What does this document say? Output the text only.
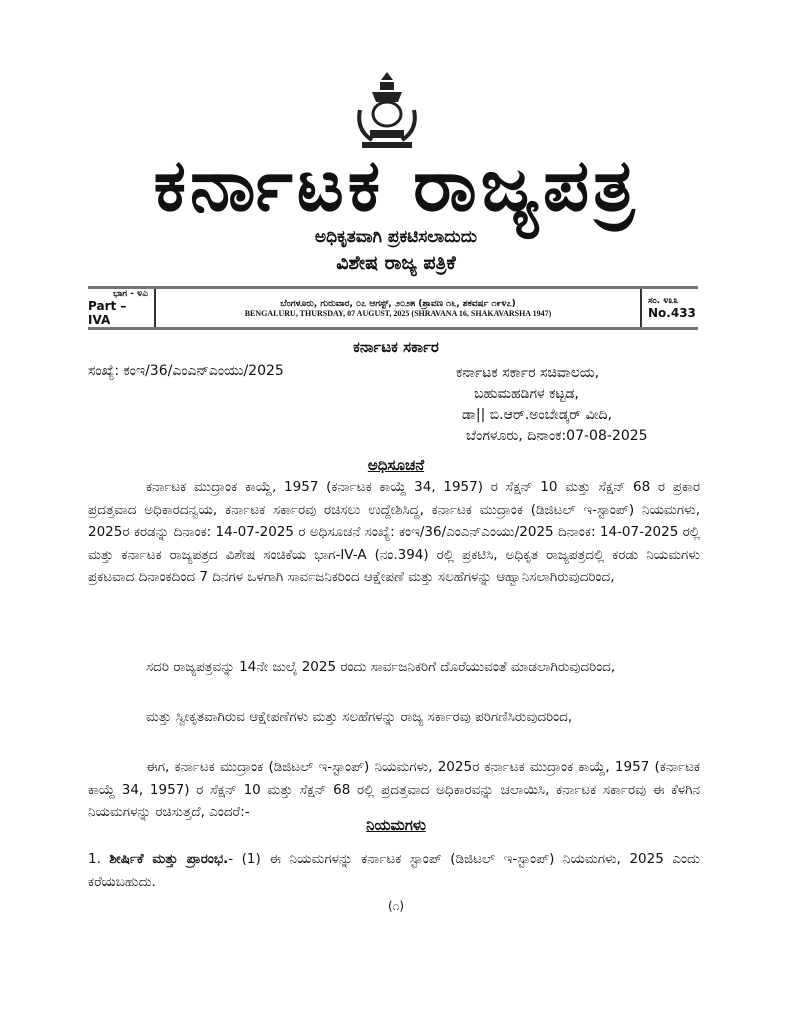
ಕರ್ನಾಟಕ ರಾಜ್ಯಪತ್ರ
ಅಧಿಕೃತವಾಗಿ ಪ್ರಕಟಿಸಲಾದುದು
ವಿಶೇಷ ರಾಜ್ಯ ಪತ್ರಿಕೆ
ಭಾಗ - ೪ಎ
Part – IVA
ಬೆಂಗಳೂರು, ಗುರುವಾರ, ೦೭ ಆಗಸ್ಟ್, ೨೦೨೫ (ಶ್ರಾವಣ ೧೬, ಶಕವರ್ಷ ೧೯೪೭)
BENGALURU, THURSDAY, 07 AUGUST, 2025 (SHRAVANA 16, SHAKAVARSHA 1947)
ಸಂ. ೪೩೩
No.433
ಕರ್ನಾಟಕ ಸರ್ಕಾರ
ಸಂಖ್ಯೆ: ಕಂಇ/36/ಎಂಎನ್‌ಎಂಯು/2025	ಕರ್ನಾಟಕ ಸರ್ಕಾರ ಸಚಿವಾಲಯ,
ಬಹುಮಹಡಿಗಳ ಕಟ್ಟಡ,
ಡಾ|| ಬಿ.ಆರ್.ಅಂಬೇಡ್ಕರ್ ವೀದಿ,
ಬೆಂಗಳೂರು, ದಿನಾಂಕ:07-08-2025
ಅಧಿಸೂಚನೆ
ಕರ್ನಾಟಕ ಮುದ್ರಾಂಕ ಕಾಯ್ದೆ, 1957 (ಕರ್ನಾಟಕ ಕಾಯ್ದೆ 34, 1957) ರ ಸೆಕ್ಷನ್ 10 ಮತ್ತು ಸೆಕ್ಷನ್ 68 ರ ಪ್ರಕಾರ ಪ್ರದತ್ತವಾದ ಅಧಿಕಾರದನ್ವಯ, ಕರ್ನಾಟಕ ಸರ್ಕಾರವು ರಚಿಸಲು ಉದ್ದೇಶಿಸಿದ್ದ, ಕರ್ನಾಟಕ ಮುದ್ರಾಂಕ (ಡಿಜಿಟಲ್ ಇ-ಸ್ಟಾಂಪ್) ನಿಯಮಗಳು, 2025ರ ಕರಡನ್ನು ದಿನಾಂಕ: 14-07-2025 ರ ಅಧಿಸೂಚನೆ ಸಂಖ್ಯೆ: ಕಂಇ/36/ಎಂಎನ್‌ಎಂಯು/2025 ದಿನಾಂಕ: 14-07-2025 ರಲ್ಲಿ ಮತ್ತು ಕರ್ನಾಟಕ ರಾಜ್ಯಪತ್ರದ ವಿಶೇಷ ಸಂಚಿಕೆಯ ಭಾಗ-IV-A (ನಂ.394) ರಲ್ಲಿ ಪ್ರಕಟಿಸಿ, ಅಧಿಕೃತ ರಾಜ್ಯಪತ್ರದಲ್ಲಿ ಕರಡು ನಿಯಮಗಳು ಪ್ರಕಟವಾದ ದಿನಾಂಕದಿಂದ 7 ದಿನಗಳ ಒಳಗಾಗಿ ಸಾರ್ವಜನಿಕರಿಂದ ಆಕ್ಷೇಪಣೆ ಮತ್ತು ಸಲಹೆಗಳನ್ನು ಆಹ್ವಾನಿಸಲಾಗಿರುವುದರಿಂದ,
ಸದರಿ ರಾಜ್ಯಪತ್ರವನ್ನು 14ನೇ ಜುಲೈ 2025 ರಂದು ಸಾರ್ವಜನಿಕರಿಗೆ ದೊರೆಯುವಂತೆ ಮಾಡಲಾಗಿರುವುದರಿಂದ,
ಮತ್ತು ಸ್ವೀಕೃತವಾಗಿರುವ ಆಕ್ಷೇಪಣೆಗಳು ಮತ್ತು ಸಲಹೆಗಳನ್ನು ರಾಜ್ಯ ಸರ್ಕಾರವು ಪರಿಗಣಿಸಿರುವುದರಿಂದ,
ಈಗ, ಕರ್ನಾಟಕ ಮುದ್ರಾಂಕ (ಡಿಜಿಟಲ್ ಇ-ಸ್ಟಾಂಪ್) ನಿಯಮಗಳು, 2025ರ ಕರ್ನಾಟಕ ಮುದ್ರಾಂಕ ಕಾಯ್ದೆ, 1957 (ಕರ್ನಾಟಕ ಕಾಯ್ದೆ 34, 1957) ರ ಸೆಕ್ಷನ್ 10 ಮತ್ತು ಸೆಕ್ಷನ್ 68 ರಲ್ಲಿ ಪ್ರದತ್ತವಾದ ಅಧಿಕಾರವನ್ನು ಚಲಾಯಿಸಿ, ಕರ್ನಾಟಕ ಸರ್ಕಾರವು ಈ ಕೆಳಗಿನ ನಿಯಮಗಳನ್ನು ರಚಿಸುತ್ತದೆ, ಎಂದರೆ:-
ನಿಯಮಗಳು
1. ಶೀರ್ಷಿಕೆ ಮತ್ತು ಪ್ರಾರಂಭ.- (1) ಈ ನಿಯಮಗಳನ್ನು ಕರ್ನಾಟಕ ಸ್ಟಾಂಪ್ (ಡಿಜಿಟಲ್ ಇ-ಸ್ಟಾಂಪ್) ನಿಯಮಗಳು, 2025 ಎಂದು ಕರೆಯಬಹುದು.
(೧)
